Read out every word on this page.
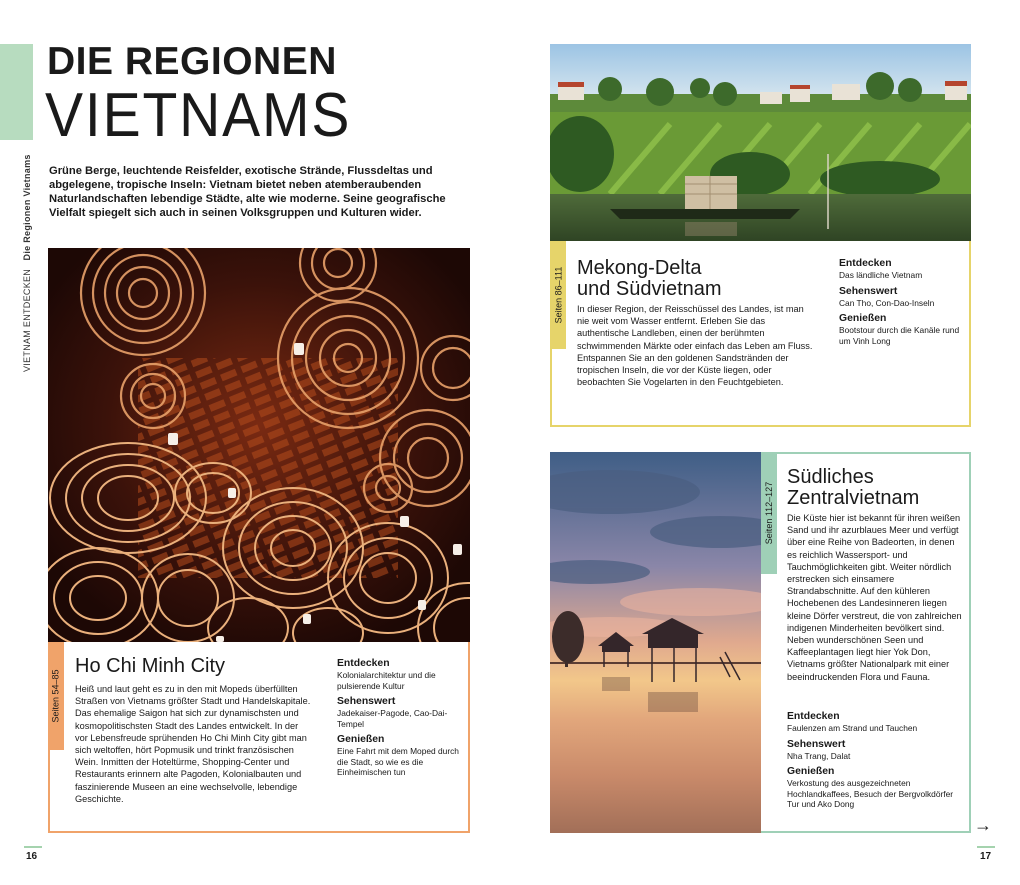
VIETNAM ENTDECKEN   Die Regionen Vietnams
DIE REGIONEN
VIETNAMS

Grüne Berge, leuchtende Reisfelder, exotische Strände, Flussdeltas und abgelegene, tropische Inseln: Vietnam bietet neben atemberaubenden Naturlandschaften lebendige Städte, alte wie moderne. Seine geografische Vielfalt spiegelt sich auch in seinen Volksgruppen und Kulturen wider.

Seiten 54–85
Ho Chi Minh City

Heiß und laut geht es zu in den mit Mopeds überfüllten Straßen von Vietnams größter Stadt und Handelskapitale. Das ehemalige Saigon hat sich zur dynamischsten und kosmopolitischsten Stadt des Landes entwickelt. In der vor Lebensfreude sprühenden Ho Chi Minh City gibt man sich weltoffen, hört Popmusik und trinkt französischen Wein. Inmitten der Hoteltürme, Shopping-Center und Restaurants erinnern alte Pagoden, Kolonialbauten und faszinierende Museen an eine wechselvolle, lebendige Geschichte.

Entdecken
Kolonialarchitektur und die pulsierende Kultur
Sehenswert
Jadekaiser-Pagode, Cao-Dai-Tempel
Genießen
Eine Fahrt mit dem Moped durch die Stadt, so wie es die Einheimischen tun
Seiten 86–111 Mekong-Delta und Südvietnam

In dieser Region, der Reisschüssel des Landes, ist man nie weit vom Wasser entfernt. Erleben Sie das authentische Landleben, einen der berühmten schwimmenden Märkte oder einfach das Leben am Fluss. Entspannen Sie an den goldenen Sandstränden der tropischen Inseln, die vor der Küste liegen, oder beobachten Sie Vogelarten in den Feuchtgebieten.

Entdecken
Das ländliche Vietnam
Sehenswert
Can Tho, Con-Dao-Inseln
Genießen
Bootstour durch die Kanäle rund um Vinh Long
Seiten 112–127
Südliches Zentralvietnam

Die Küste hier ist bekannt für ihren weißen Sand und ihr azurblaues Meer und verfügt über eine Reihe von Badeorten, in denen es reichlich Wassersport- und Tauchmöglichkeiten gibt. Weiter nördlich erstrecken sich einsamere Strandabschnitte. Auf den kühleren Hochebenen des Landesinneren liegen kleine Dörfer verstreut, die von zahlreichen indigenen Minderheiten bevölkert sind. Neben wunderschönen Seen und Kaffeeplantagen liegt hier Yok Don, Vietnams größter Nationalpark mit einer beeindruckenden Flora und Fauna.

Entdecken
Faulenzen am Strand und Tauchen
Sehenswert
Nha Trang, Dalat
Genießen
Verkostung des ausgezeichneten Hochlandkaffees, Besuch der Bergvolkdörfer Tur und Ako Dong
16	17
→
